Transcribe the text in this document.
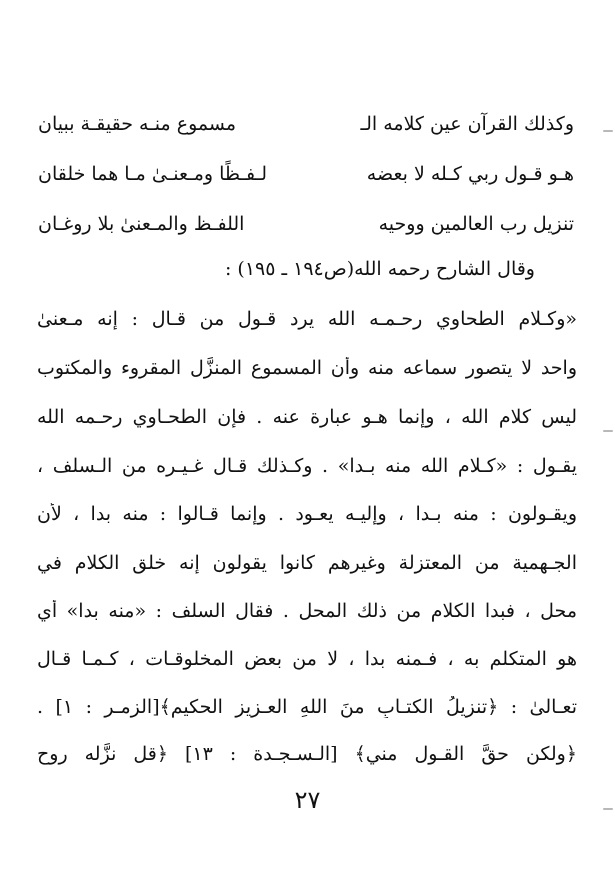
وكذلك القرآن عين كلامه الـ
مسموع منـه حقيقـة ببيان
هـو قـول ربي كـله لا بعضه
لـفـظًا ومـعنـىٰ مـا هما خلقان
تنزيل رب العالمين ووحيه
اللفـظ والمـعنىٰ بلا روغـان
وقال الشارح رحمه الله(ص١٩٤ ـ ١٩٥) :
«وكـلام الطحاوي رحـمـه الله يرد قـول من قـال : إنه مـعنىٰ
واحد لا يتصور سماعه منه وأن المسموع المنزَّل المقروء والمكتوب
ليس كلام الله ، وإنما هـو عبارة عنه . فإن الطحـاوي رحـمه الله
يقـول : «كـلام الله منه بـدا» . وكـذلك قـال غـيـره من الـسلف ،
ويقـولون : منه بـدا ، وإليـه يعـود . وإنما قـالوا : منه بدا ، لأن
الجـهمية من المعتزلة وغيرهم كانوا يقولون إنه خلق الكلام في
محل ، فبدا الكلام من ذلك المحل . فقال السلف : «منه بدا» أي
هو المتكلم به ، فـمنه بدا ، لا من بعض المخلوقـات ، كـمـا قـال
تعـالىٰ : ﴿تنزيلُ الكتـابِ منَ اللهِ العـزيزِ الحكيمِ﴾[الزمـر : ١] .
﴿ولكن حقَّ القـول مني﴾ [الـسـجـدة : ١٣] ﴿قل نزَّله روح
٢٧
